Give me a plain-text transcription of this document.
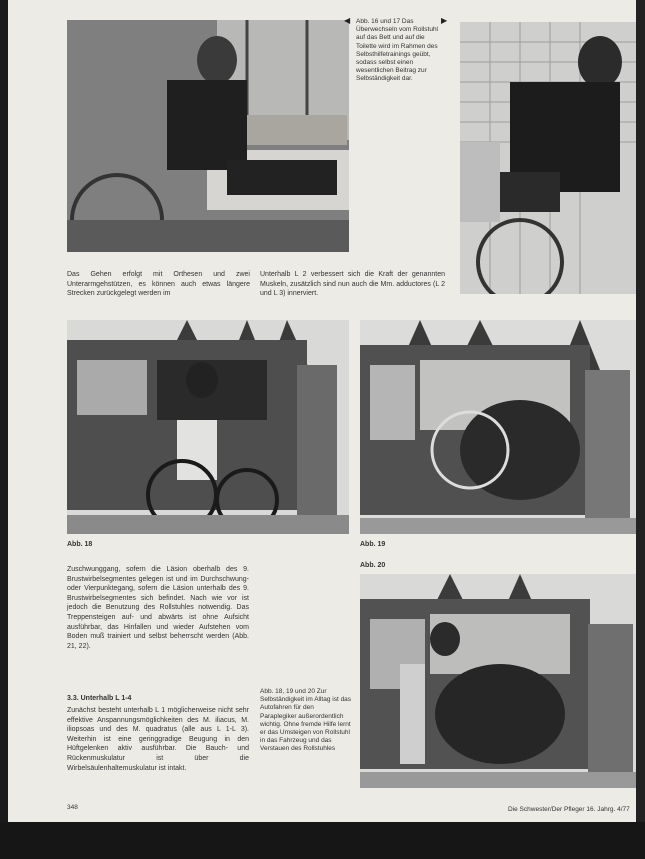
◀	▶
Abb. 16 und 17 Das Überwechseln vom Rollstuhl auf das Bett und auf die Toilette wird im Rahmen des Selbsthilfetrainings geübt, sodass selbst einen wesentlichen Beitrag zur Selbständigkeit dar.
Das Gehen erfolgt mit Orthesen und zwei Unterarmgehstützen, es können auch etwas längere Strecken zurückgelegt werden im
Unterhalb L 2 verbessert sich die Kraft der genannten Muskeln, zusätzlich sind nun auch die Mm. adductores (L 2 und L 3) innerviert.
Abb. 18	Abb. 19
Abb. 20
Zuschwunggang, sofern die Läsion oberhalb des 9. Brustwirbelsegmentes gelegen ist und im Durchschwung- oder Vierpunktegang, sofern die Läsion unterhalb des 9. Brustwirbelsegmentes sich befindet. Nach wie vor ist jedoch die Benutzung des Rollstuhles notwendig. Das Treppensteigen auf- und abwärts ist ohne Aufsicht ausführbar, das Hinfallen und wieder Aufstehen vom Boden muß trainiert und selbst beherrscht werden (Abb. 21, 22).
3.3. Unterhalb L 1-4
Zunächst besteht unterhalb L 1 möglicherweise nicht sehr effektive Anspannungsmöglichkeiten des M. iliacus, M. iliopsoas und des M. quadratus (alle aus L 1-L 3). Weiterhin ist eine geringgradige Beugung in den Hüftgelenken aktiv ausführbar. Die Bauch- und Rückenmuskulatur ist über die Wirbelsäulenhaltemuskulatur ist intakt.
Abb. 18, 19 und 20 Zur Selbständigkeit im Alltag ist das Autofahren für den Paraplegiker außerordentlich wichtig. Ohne fremde Hilfe lernt er das Umsteigen von Rollstuhl in das Fahrzeug und das Verstauen des Rollstuhles
348	Die Schwester/Der Pfleger 16. Jahrg. 4/77
